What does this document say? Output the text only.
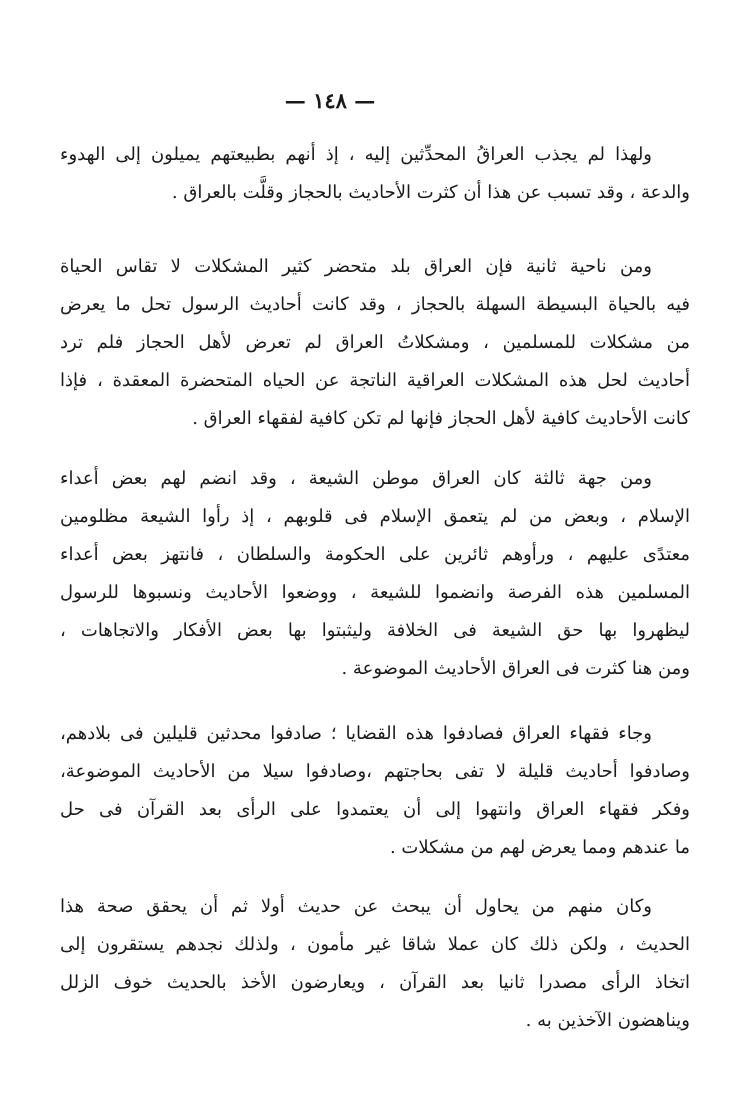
— ١٤٨ —
ولهذا لم يجذب العراقُ المحدِّثين إليه ، إذ أنهم بطبيعتهم يميلون إلى الهدوء
والدعة ، وقد تسبب عن هذا أن كثرت الأحاديث بالحجاز وقلَّت بالعراق .
ومن ناحية ثانية فإن العراق بلد متحضر كثير المشكلات لا تقاس الحياة
فيه بالحياة البسيطة السهلة بالحجاز ، وقد كانت أحاديث الرسول تحل ما يعرض
من مشكلات للمسلمين ، ومشكلاتُ العراق لم تعرض لأهل الحجاز فلم ترد
أحاديث لحل هذه المشكلات العراقية الناتجة عن الحياه المتحضرة المعقدة ، فإذا
كانت الأحاديث كافية لأهل الحجاز فإنها لم تكن كافية لفقهاء العراق .
ومن جهة ثالثة كان العراق موطن الشيعة ، وقد انضم لهم بعض أعداء
الإسلام ، وبعض من لم يتعمق الإسلام فى قلوبهم ، إذ رأوا الشيعة مظلومين
معتدًى عليهم ، ورأوهم ثائرين على الحكومة والسلطان ، فانتهز بعض أعداء
المسلمين هذه الفرصة وانضموا للشيعة ، ووضعوا الأحاديث ونسبوها للرسول
ليظهروا بها حق الشيعة فى الخلافة وليثبتوا بها بعض الأفكار والاتجاهات ،
ومن هنا كثرت فى العراق الأحاديث الموضوعة .
وجاء فقهاء العراق فصادفوا هذه القضايا ؛ صادفوا محدثين قليلين فى بلادهم،
وصادفوا أحاديث قليلة لا تفى بحاجتهم ،وصادفوا سيلا من الأحاديث الموضوعة،
وفكر فقهاء العراق وانتهوا إلى أن يعتمدوا على الرأى بعد القرآن فى حل
ما عندهم ومما يعرض لهم من مشكلات .
وكان منهم من يحاول أن يبحث عن حديث أولا ثم أن يحقق صحة هذا
الحديث ، ولكن ذلك كان عملا شاقا غير مأمون ، ولذلك نجدهم يستقرون إلى
اتخاذ الرأى مصدرا ثانيا بعد القرآن ، ويعارضون الأخذ بالحديث خوف الزلل
ويناهضون الآخذين به .
